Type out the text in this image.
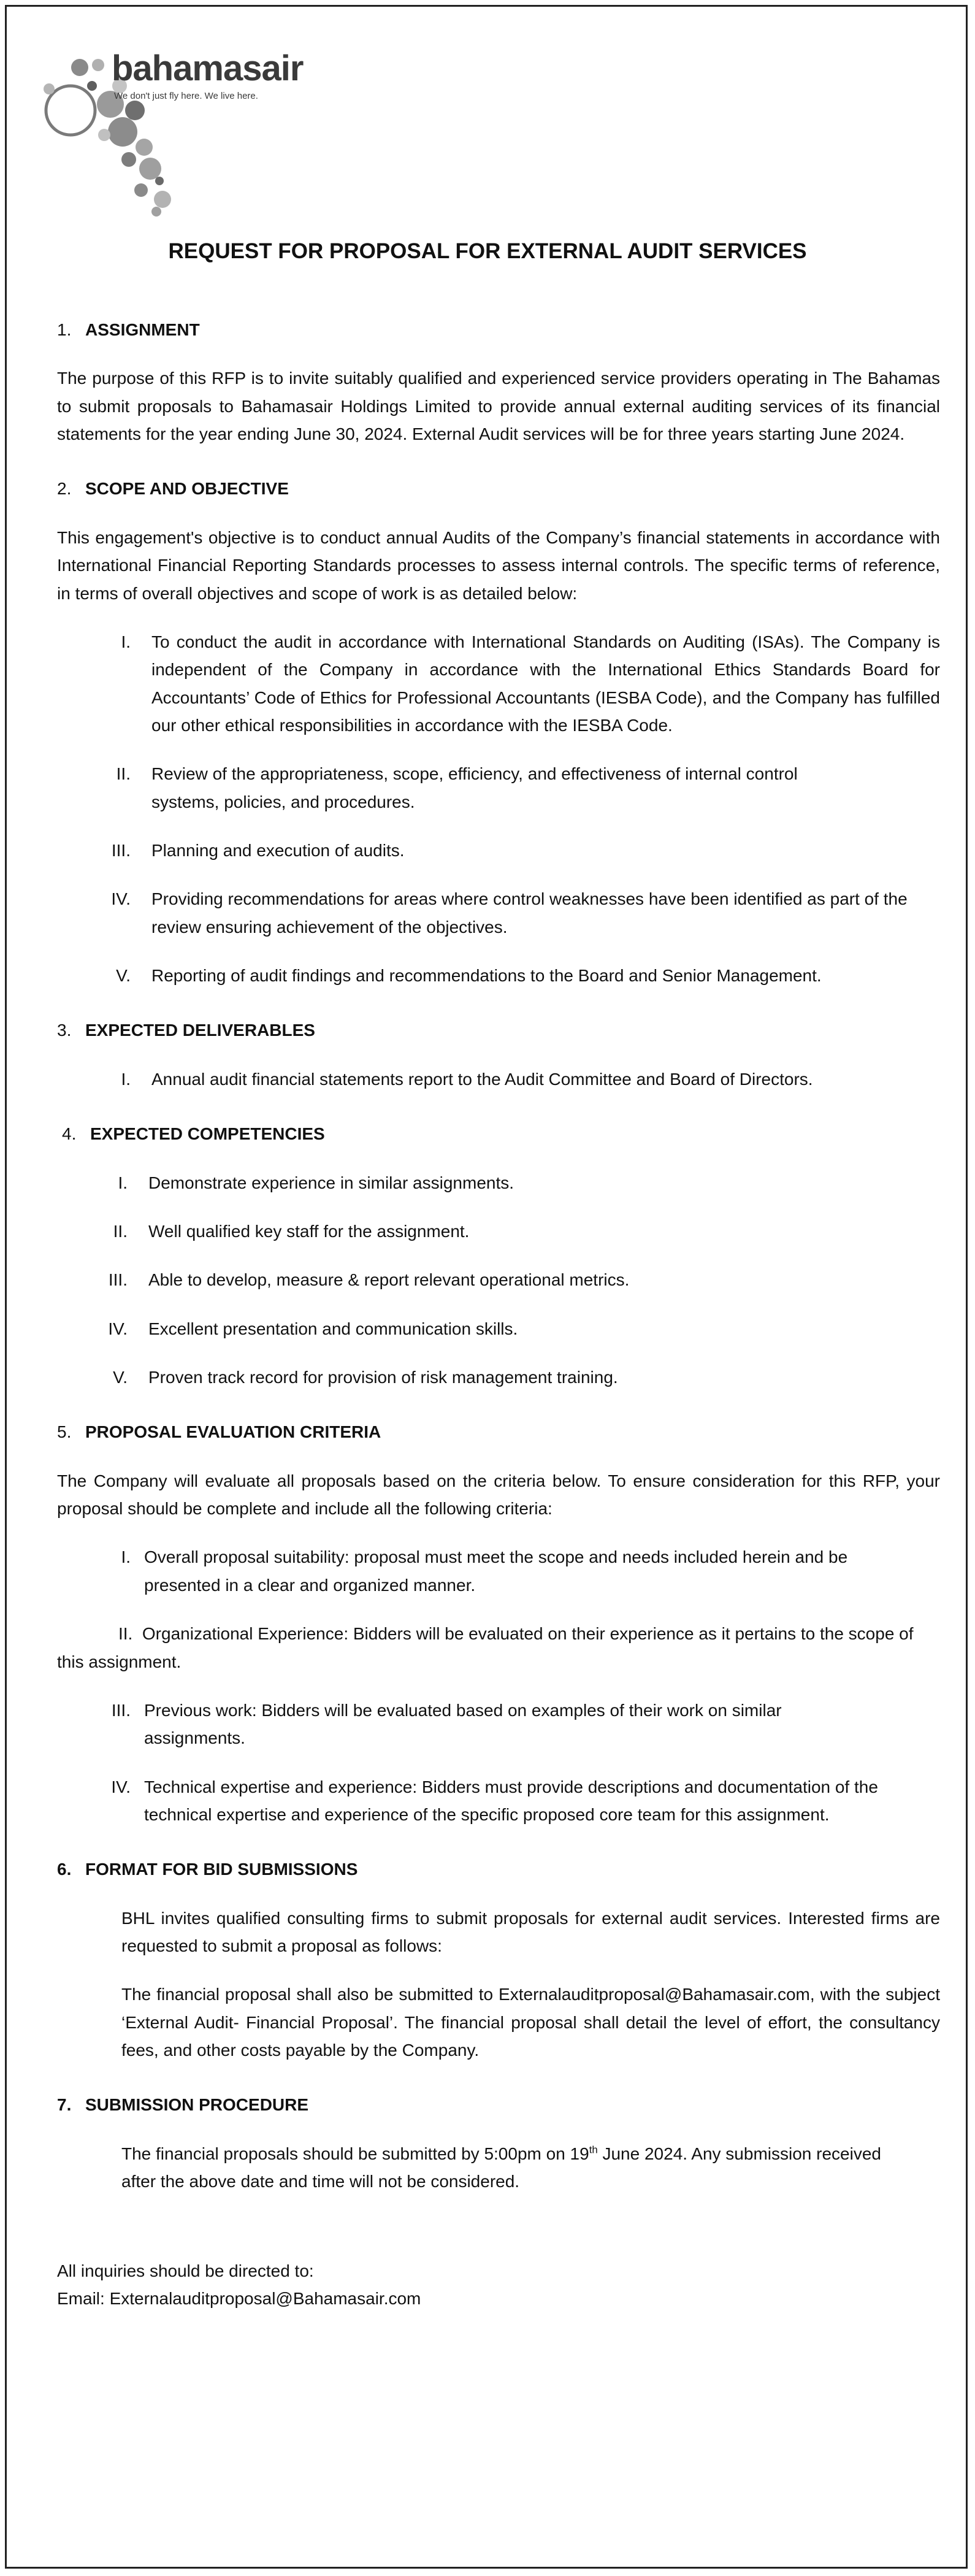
bahamasair
We don't just fly here. We live here.
REQUEST FOR PROPOSAL FOR EXTERNAL AUDIT SERVICES

1. ASSIGNMENT

The purpose of this RFP is to invite suitably qualified and experienced service providers operating in The Bahamas to submit proposals to Bahamasair Holdings Limited to provide annual external auditing services of its financial statements for the year ending June 30, 2024. External Audit services will be for three years starting June 2024.

2. SCOPE AND OBJECTIVE

This engagement's objective is to conduct annual Audits of the Company’s financial statements in accordance with International Financial Reporting Standards processes to assess internal controls. The specific terms of reference, in terms of overall objectives and scope of work is as detailed below:

I.	To conduct the audit in accordance with International Standards on Auditing (ISAs). The Company is independent of the Company in accordance with the International Ethics Standards Board for Accountants’ Code of Ethics for Professional Accountants (IESBA Code), and the Company has fulfilled our other ethical responsibilities in accordance with the IESBA Code.

II.	Review of the appropriateness, scope, efficiency, and effectiveness of internal control systems, policies, and procedures.

III.	Planning and execution of audits.

IV.	Providing recommendations for areas where control weaknesses have been identified as part of the review ensuring achievement of the objectives.

V.	Reporting of audit findings and recommendations to the Board and Senior Management.

3. EXPECTED DELIVERABLES

I.	Annual audit financial statements report to the Audit Committee and Board of Directors.

4. EXPECTED COMPETENCIES

I.	Demonstrate experience in similar assignments.

II.	Well qualified key staff for the assignment.

III.	Able to develop, measure & report relevant operational metrics.

IV.	Excellent presentation and communication skills.

V.	Proven track record for provision of risk management training.

5. PROPOSAL EVALUATION CRITERIA

The Company will evaluate all proposals based on the criteria below. To ensure consideration for this RFP, your proposal should be complete and include all the following criteria:

I. Overall proposal suitability: proposal must meet the scope and needs included herein and be presented in a clear and organized manner.

II. Organizational Experience: Bidders will be evaluated on their experience as it pertains to the scope of this assignment.

III. Previous work: Bidders will be evaluated based on examples of their work on similar assignments.

IV. Technical expertise and experience: Bidders must provide descriptions and documentation of the technical expertise and experience of the specific proposed core team for this assignment.

6. FORMAT FOR BID SUBMISSIONS

BHL invites qualified consulting firms to submit proposals for external audit services. Interested firms are requested to submit a proposal as follows:

The financial proposal shall also be submitted to Externalauditproposal@Bahamasair.com, with the subject ‘External Audit- Financial Proposal’. The financial proposal shall detail the level of effort, the consultancy fees, and other costs payable by the Company.

7. SUBMISSION PROCEDURE

The financial proposals should be submitted by 5:00pm on 19th June 2024. Any submission received after the above date and time will not be considered.

All inquiries should be directed to:

Email: Externalauditproposal@Bahamasair.com
